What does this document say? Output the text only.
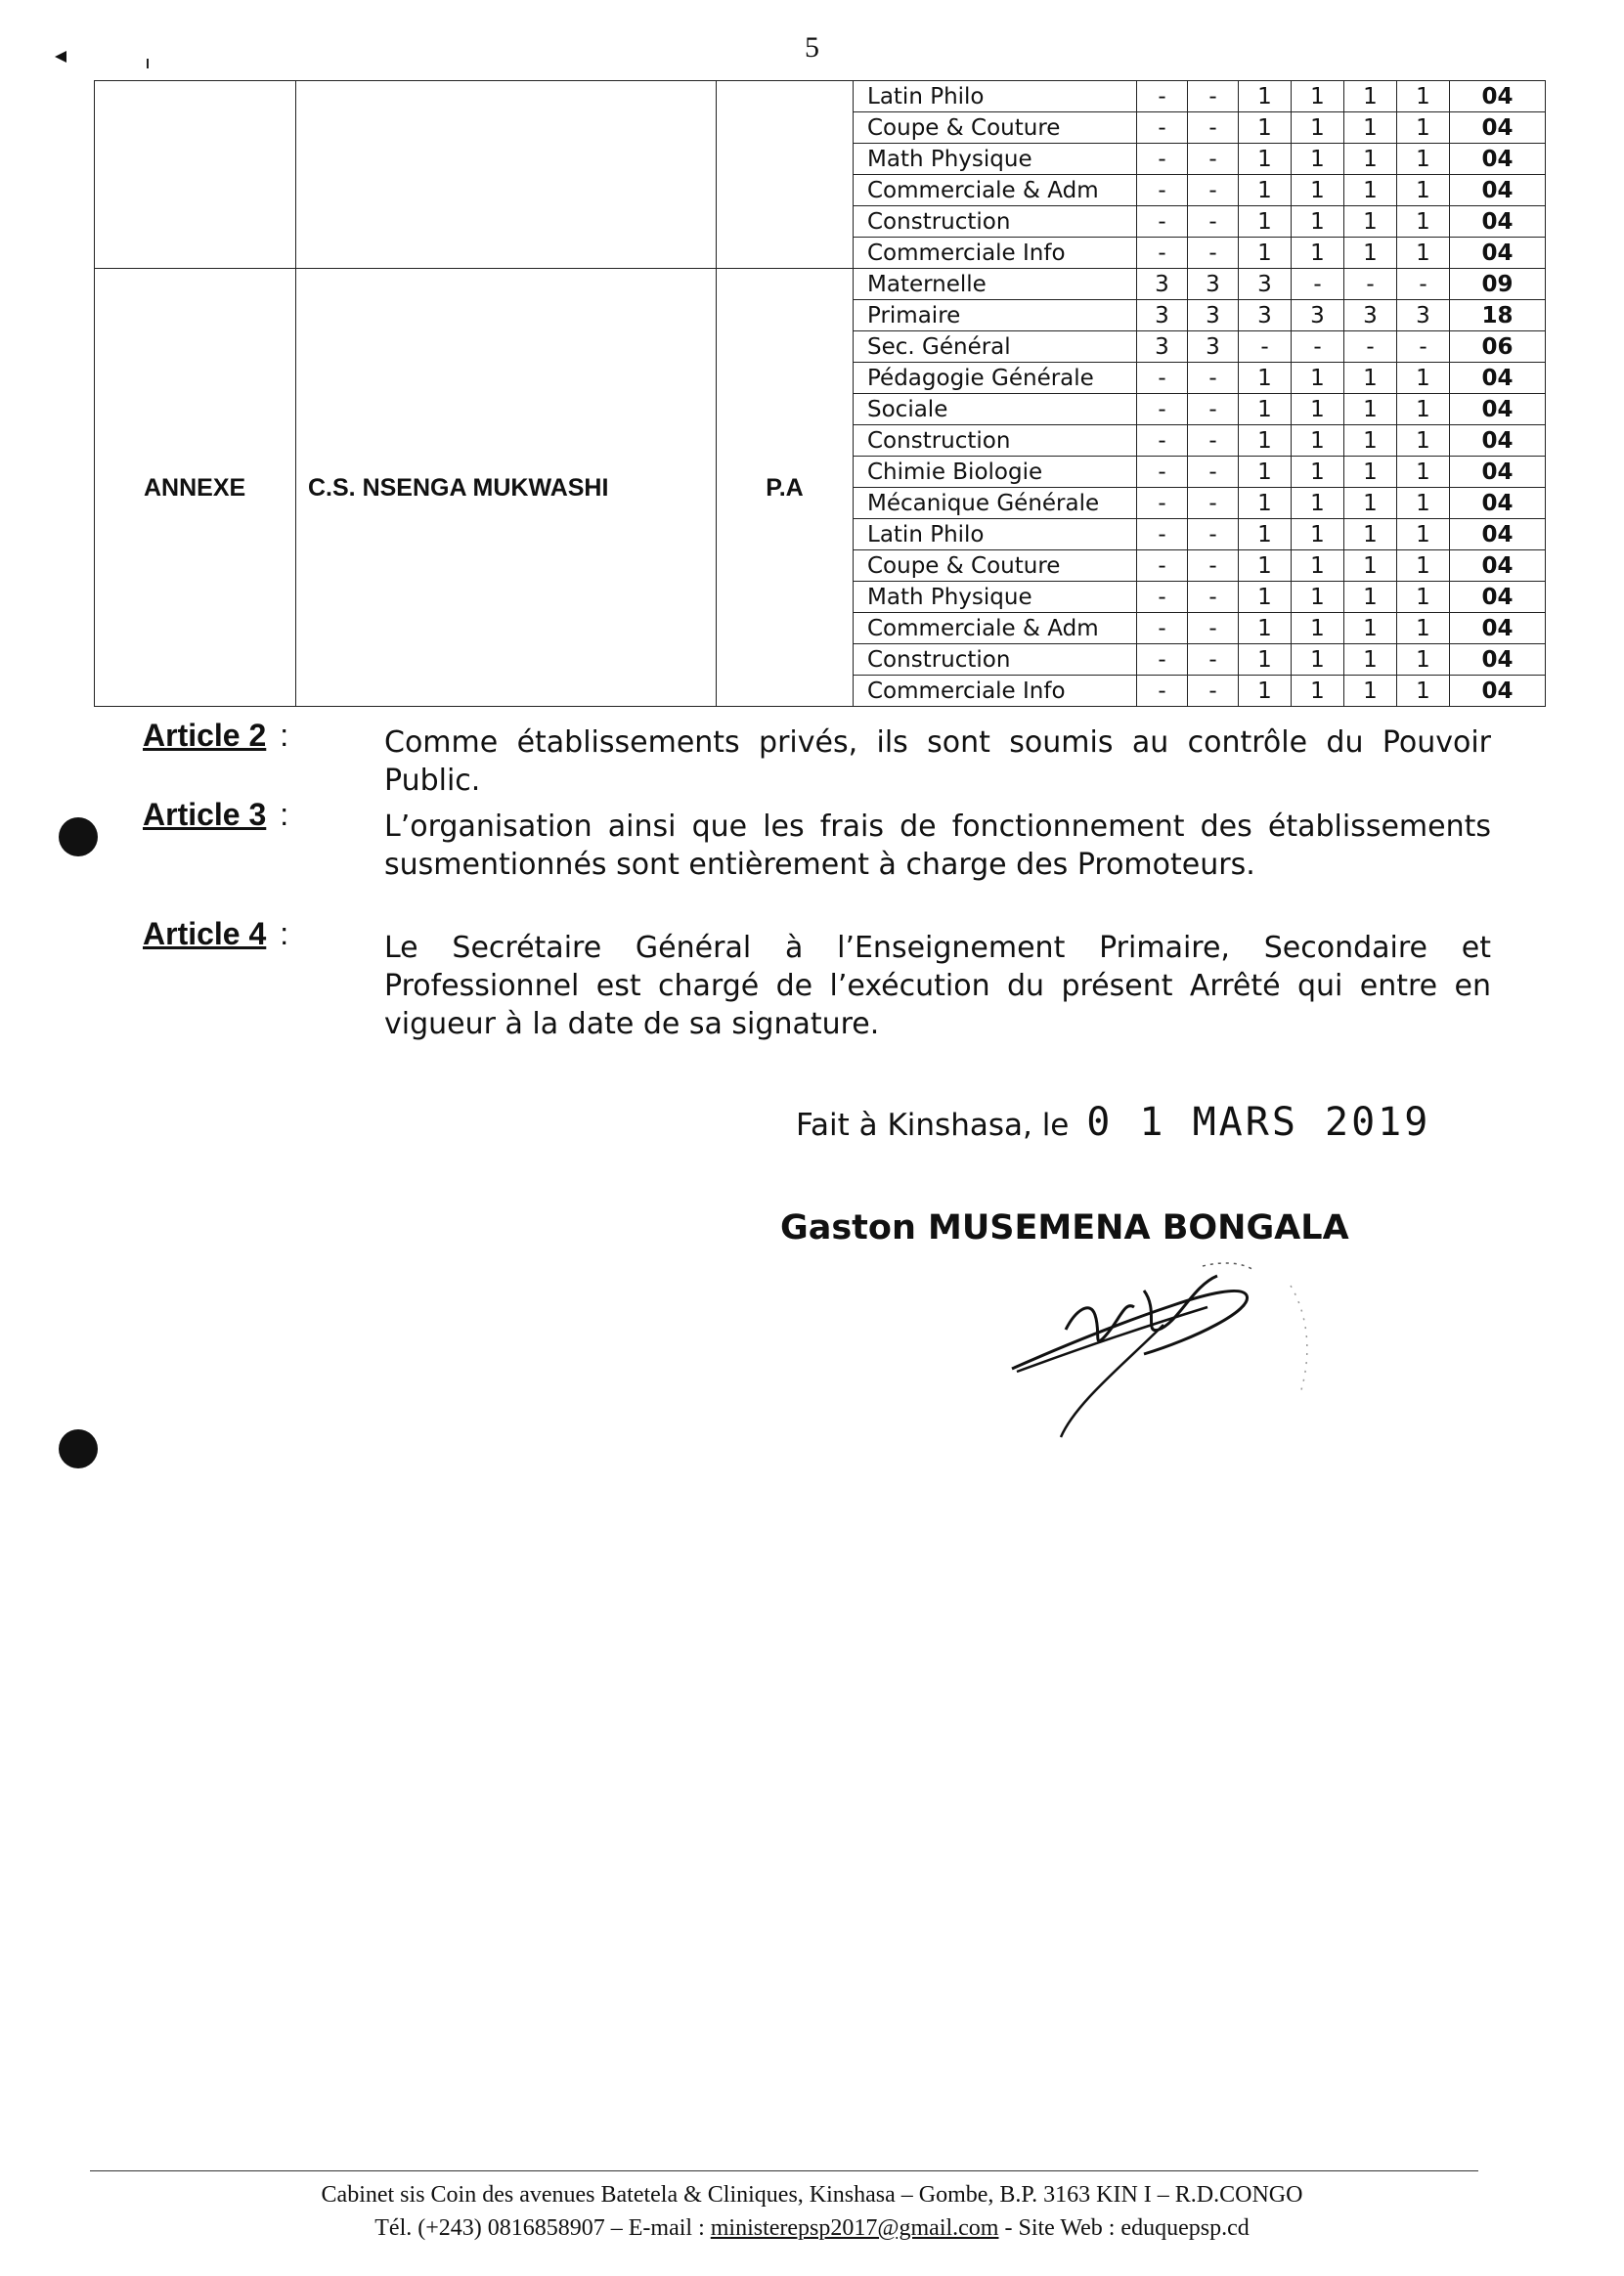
5
			Latin Philo	-	-	1	1	1	1	04
			Coupe & Couture	-	-	1	1	1	1	04
			Math Physique	-	-	1	1	1	1	04
			Commerciale & Adm	-	-	1	1	1	1	04
			Construction	-	-	1	1	1	1	04
			Commerciale Info	-	-	1	1	1	1	04
ANNEXE	C.S. NSENGA MUKWASHI	P.A	Maternelle	3	3	3	-	-	-	09
			Primaire	3	3	3	3	3	3	18
			Sec. Général	3	3	-	-	-	-	06
			Pédagogie Générale	-	-	1	1	1	1	04
			Sociale	-	-	1	1	1	1	04
			Construction	-	-	1	1	1	1	04
			Chimie Biologie	-	-	1	1	1	1	04
			Mécanique Générale	-	-	1	1	1	1	04
			Latin Philo	-	-	1	1	1	1	04
			Coupe & Couture	-	-	1	1	1	1	04
			Math Physique	-	-	1	1	1	1	04
			Commerciale & Adm	-	-	1	1	1	1	04
			Construction	-	-	1	1	1	1	04
			Commerciale Info	-	-	1	1	1	1	04
Article 2 :	Comme établissements privés, ils sont soumis au contrôle du Pouvoir Public.
Article 3 :	L’organisation ainsi que les frais de fonctionnement des établissements susmentionnés sont entièrement à charge des Promoteurs.
Article 4 :	Le Secrétaire Général à l’Enseignement Primaire, Secondaire et Professionnel est chargé de l’exécution du présent Arrêté qui entre en vigueur à la date de sa signature.
Fait à Kinshasa, le 0 1 MARS 2019
Gaston MUSEMENA BONGALA
Cabinet sis Coin des avenues Batetela & Cliniques, Kinshasa – Gombe, B.P. 3163 KIN I – R.D.CONGO
Tél. (+243) 0816858907 – E-mail : ministerepsp2017@gmail.com - Site Web : eduquepsp.cd
